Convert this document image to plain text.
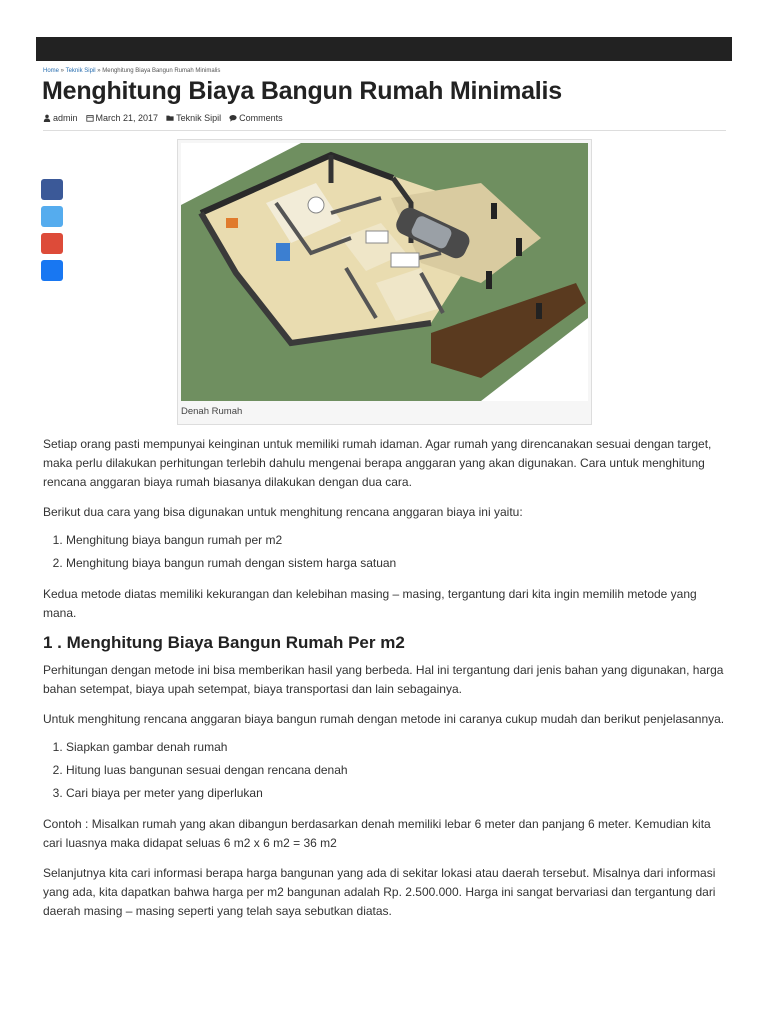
Home » Teknik Sipil » Menghitung Biaya Bangun Rumah Minimalis
Menghitung Biaya Bangun Rumah Minimalis
admin March 21, 2017 Teknik Sipil Comments
Denah Rumah

Setiap orang pasti mempunyai keinginan untuk memiliki rumah idaman. Agar rumah yang direncanakan sesuai dengan target, maka perlu dilakukan perhitungan terlebih dahulu mengenai berapa anggaran yang akan digunakan. Cara untuk menghitung rencana anggaran biaya rumah biasanya dilakukan dengan dua cara.

Berikut dua cara yang bisa digunakan untuk menghitung rencana anggaran biaya ini yaitu:

1. Menghitung biaya bangun rumah per m2
2. Menghitung biaya bangun rumah dengan sistem harga satuan

Kedua metode diatas memiliki kekurangan dan kelebihan masing – masing, tergantung dari kita ingin memilih metode yang mana.

1 . Menghitung Biaya Bangun Rumah Per m2

Perhitungan dengan metode ini bisa memberikan hasil yang berbeda. Hal ini tergantung dari jenis bahan yang digunakan, harga bahan setempat, biaya upah setempat, biaya transportasi dan lain sebagainya.

Untuk menghitung rencana anggaran biaya bangun rumah dengan metode ini caranya cukup mudah dan berikut penjelasannya.

1. Siapkan gambar denah rumah
2. Hitung luas bangunan sesuai dengan rencana denah
3. Cari biaya per meter yang diperlukan

Contoh : Misalkan rumah yang akan dibangun berdasarkan denah memiliki lebar 6 meter dan panjang 6 meter. Kemudian kita cari luasnya maka didapat seluas 6 m2 x 6 m2 = 36 m2

Selanjutnya kita cari informasi berapa harga bangunan yang ada di sekitar lokasi atau daerah tersebut. Misalnya dari informasi yang ada, kita dapatkan bahwa harga per m2 bangunan adalah Rp. 2.500.000. Harga ini sangat bervariasi dan tergantung dari daerah masing – masing seperti yang telah saya sebutkan diatas.
